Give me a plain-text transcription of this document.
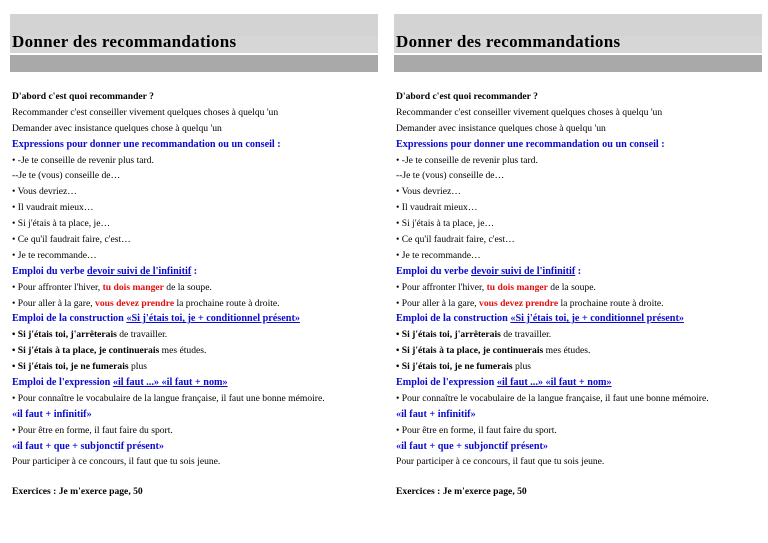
Donner des recommandations
D'abord c'est quoi recommander ?
Recommander c'est conseiller vivement quelques choses à quelqu 'un
Demander avec insistance quelques chose à quelqu 'un
Expressions pour donner une recommandation ou un conseil :
• -Je te conseille de revenir plus tard.
--Je te (vous) conseille de…
• Vous devriez…
• Il vaudrait mieux…
• Si j'étais à ta place, je…
• Ce qu'il faudrait faire, c'est…
• Je te recommande…
Emploi du verbe devoir suivi de l'infinitif :
• Pour affronter l'hiver, tu dois manger de la soupe.
• Pour aller à la gare, vous devez prendre la prochaine route à droite.
Emploi de la construction «Si j'étais toi, je + conditionnel présent»
• Si j'étais toi, j'arrêterais de travailler.
• Si j'étais à ta place, je continuerais mes études.
• Si j'étais toi, je ne fumerais plus
Emploi de l'expression «il faut ...» «il faut + nom»
• Pour connaître le vocabulaire de la langue française, il faut une bonne mémoire.
«il faut + infinitif»
• Pour être en forme, il faut faire du sport.
«il faut + que + subjonctif présent»
Pour participer à ce concours, il faut que tu sois jeune.
Exercices : Je m'exerce page, 50
Donner des recommandations
D'abord c'est quoi recommander ?
Recommander c'est conseiller vivement quelques choses à quelqu 'un
Demander avec insistance quelques chose à quelqu 'un
Expressions pour donner une recommandation ou un conseil :
• -Je te conseille de revenir plus tard.
--Je te (vous) conseille de…
• Vous devriez…
• Il vaudrait mieux…
• Si j'étais à ta place, je…
• Ce qu'il faudrait faire, c'est…
• Je te recommande…
Emploi du verbe devoir suivi de l'infinitif :
• Pour affronter l'hiver, tu dois manger de la soupe.
• Pour aller à la gare, vous devez prendre la prochaine route à droite.
Emploi de la construction «Si j'étais toi, je + conditionnel présent»
• Si j'étais toi, j'arrêterais de travailler.
• Si j'étais à ta place, je continuerais mes études.
• Si j'étais toi, je ne fumerais plus
Emploi de l'expression «il faut ...» «il faut + nom»
• Pour connaître le vocabulaire de la langue française, il faut une bonne mémoire.
«il faut + infinitif»
• Pour être en forme, il faut faire du sport.
«il faut + que + subjonctif présent»
Pour participer à ce concours, il faut que tu sois jeune.
Exercices : Je m'exerce page, 50
